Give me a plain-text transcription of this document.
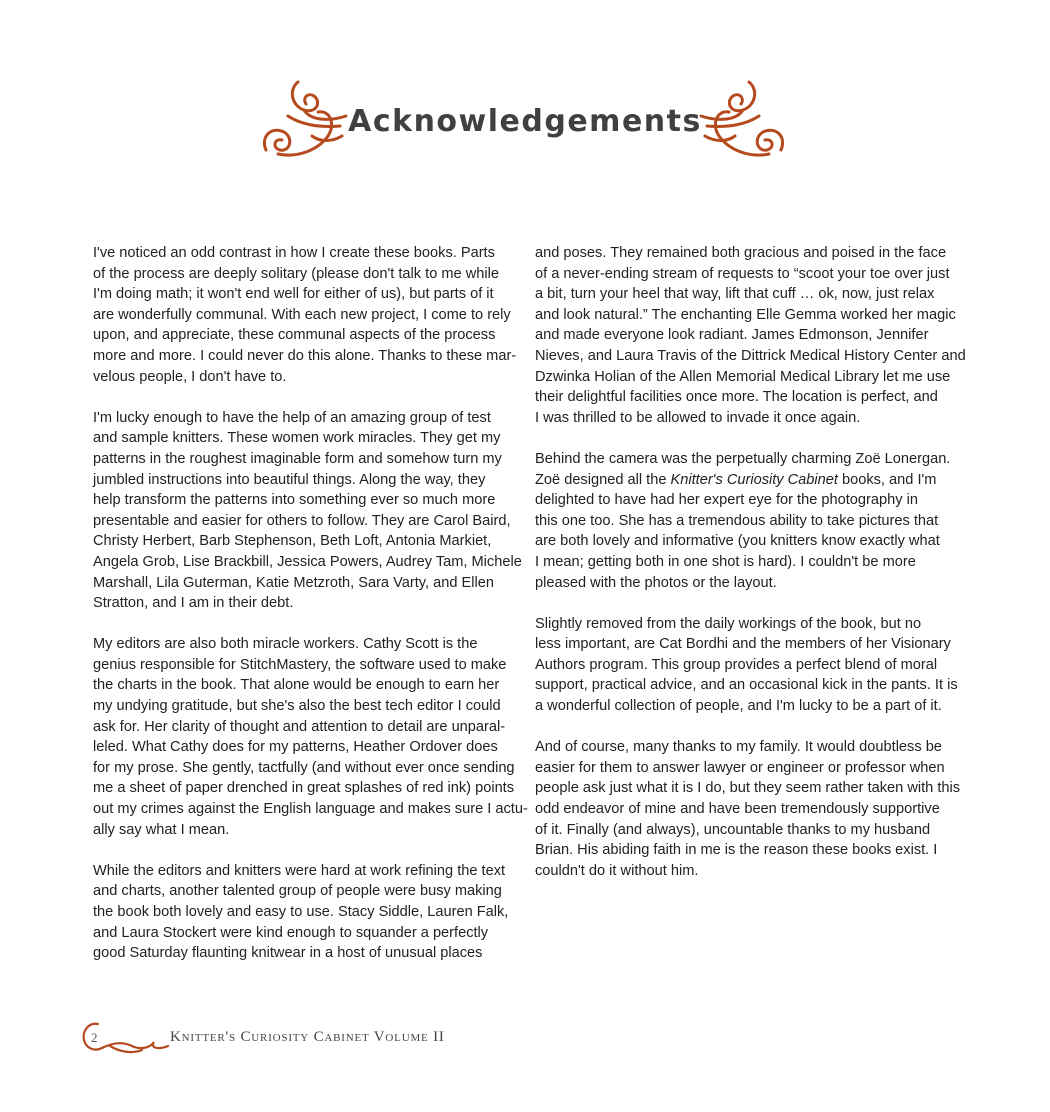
Acknowledgements

I've noticed an odd contrast in how I create these books. Parts
of the process are deeply solitary (please don't talk to me while
I'm doing math; it won't end well for either of us), but parts of it
are wonderfully communal. With each new project, I come to rely
upon, and appreciate, these communal aspects of the process
more and more. I could never do this alone. Thanks to these mar-
velous people, I don't have to.

I'm lucky enough to have the help of an amazing group of test
and sample knitters. These women work miracles. They get my
patterns in the roughest imaginable form and somehow turn my
jumbled instructions into beautiful things. Along the way, they
help transform the patterns into something ever so much more
presentable and easier for others to follow. They are Carol Baird,
Christy Herbert, Barb Stephenson, Beth Loft, Antonia Markiet,
Angela Grob, Lise Brackbill, Jessica Powers, Audrey Tam, Michele
Marshall, Lila Guterman, Katie Metzroth, Sara Varty, and Ellen
Stratton, and I am in their debt.

My editors are also both miracle workers. Cathy Scott is the
genius responsible for StitchMastery, the software used to make
the charts in the book. That alone would be enough to earn her
my undying gratitude, but she's also the best tech editor I could
ask for. Her clarity of thought and attention to detail are unparal-
leled. What Cathy does for my patterns, Heather Ordover does
for my prose. She gently, tactfully (and without ever once sending
me a sheet of paper drenched in great splashes of red ink) points
out my crimes against the English language and makes sure I actu-
ally say what I mean.

While the editors and knitters were hard at work refining the text
and charts, another talented group of people were busy making
the book both lovely and easy to use. Stacy Siddle, Lauren Falk,
and Laura Stockert were kind enough to squander a perfectly
good Saturday flaunting knitwear in a host of unusual places

and poses. They remained both gracious and poised in the face
of a never-ending stream of requests to “scoot your toe over just
a bit, turn your heel that way, lift that cuff … ok, now, just relax
and look natural.” The enchanting Elle Gemma worked her magic
and made everyone look radiant. James Edmonson, Jennifer
Nieves, and Laura Travis of the Dittrick Medical History Center and
Dzwinka Holian of the Allen Memorial Medical Library let me use
their delightful facilities once more. The location is perfect, and
I was thrilled to be allowed to invade it once again.

Behind the camera was the perpetually charming Zoë Lonergan.
Zoë designed all the Knitter's Curiosity Cabinet books, and I'm
delighted to have had her expert eye for the photography in
this one too. She has a tremendous ability to take pictures that
are both lovely and informative (you knitters know exactly what
I mean; getting both in one shot is hard). I couldn't be more
pleased with the photos or the layout.

Slightly removed from the daily workings of the book, but no
less important, are Cat Bordhi and the members of her Visionary
Authors program. This group provides a perfect blend of moral
support, practical advice, and an occasional kick in the pants. It is
a wonderful collection of people, and I'm lucky to be a part of it.

And of course, many thanks to my family. It would doubtless be
easier for them to answer lawyer or engineer or professor when
people ask just what it is I do, but they seem rather taken with this
odd endeavor of mine and have been tremendously supportive
of it. Finally (and always), uncountable thanks to my husband
Brian. His abiding faith in me is the reason these books exist. I
couldn't do it without him.

2	Knitter's Curiosity Cabinet Volume II
